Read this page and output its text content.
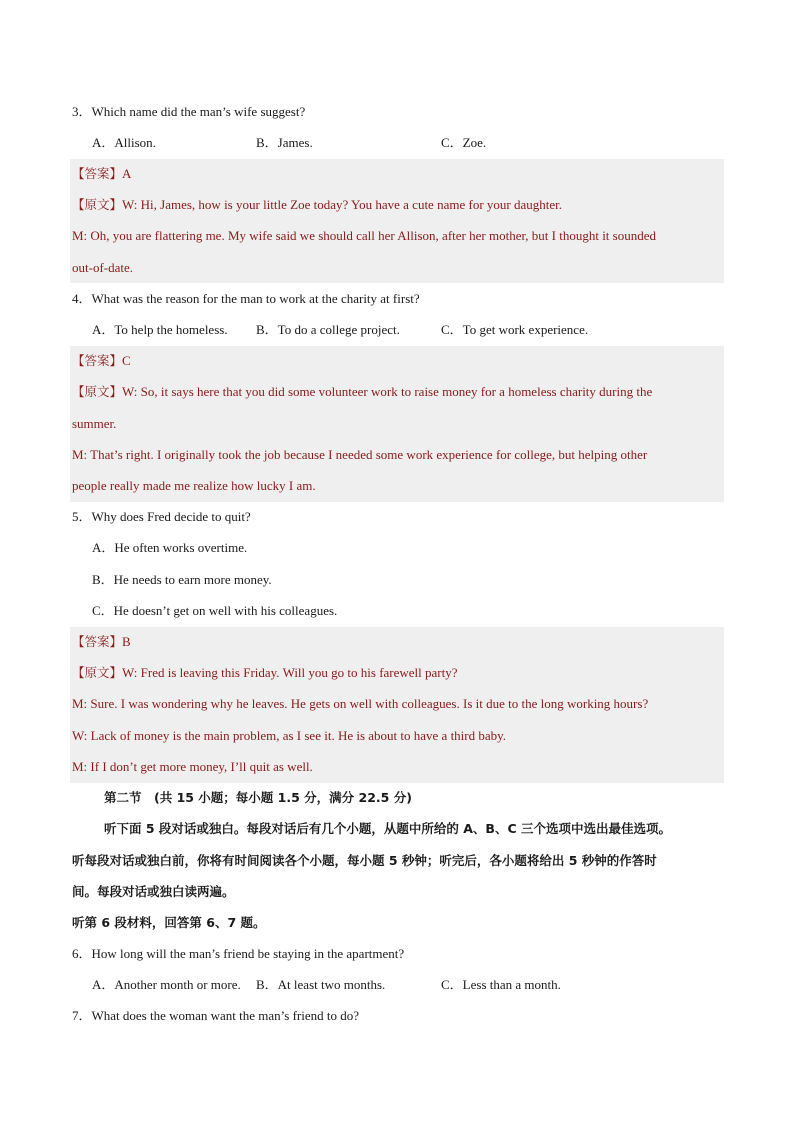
3．Which name did the man’s wife suggest?
A．Allison.	B．James.	C．Zoe.
【答案】A
【原文】W: Hi, James, how is your little Zoe today? You have a cute name for your daughter.
M: Oh, you are flattering me. My wife said we should call her Allison, after her mother, but I thought it sounded
out-of-date.
4．What was the reason for the man to work at the charity at first?
A．To help the homeless. B．To do a college project.	C．To get work experience.
【答案】C
【原文】W: So, it says here that you did some volunteer work to raise money for a homeless charity during the
summer.
M: That’s right. I originally took the job because I needed some work experience for college, but helping other
people really made me realize how lucky I am.
5．Why does Fred decide to quit?
A．He often works overtime.
B．He needs to earn more money.
C．He doesn’t get on well with his colleagues.
【答案】B
【原文】W: Fred is leaving this Friday. Will you go to his farewell party?
M: Sure. I was wondering why he leaves. He gets on well with colleagues. Is it due to the long working hours?
W: Lack of money is the main problem, as I see it. He is about to have a third baby.
M: If I don’t get more money, I’ll quit as well.
第二节　(共 15 小题；每小题 1.5 分，满分 22.5 分)
听下面 5 段对话或独白。每段对话后有几个小题，从题中所给的 A、B、C 三个选项中选出最佳选项。
听每段对话或独白前，你将有时间阅读各个小题，每小题 5 秒钟；听完后，各小题将给出 5 秒钟的作答时
间。每段对话或独白读两遍。
听第 6 段材料，回答第 6、7 题。
6．How long will the man’s friend be staying in the apartment?
A．Another month or more. B．At least two months.	C．Less than a month.
7．What does the woman want the man’s friend to do?
